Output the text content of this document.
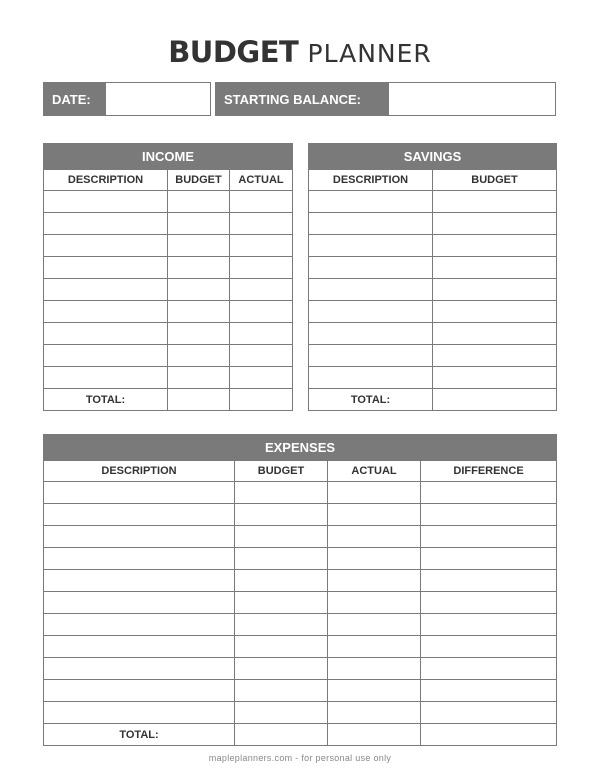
BUDGET PLANNER
DATE:	STARTING BALANCE:
INCOME		
DESCRIPTION	BUDGET	ACTUAL

TOTAL:		
SAVINGS	
DESCRIPTION	BUDGET

TOTAL:	
EXPENSES			
DESCRIPTION	BUDGET	ACTUAL	DIFFERENCE

TOTAL:			
mapleplanners.com - for personal use only
